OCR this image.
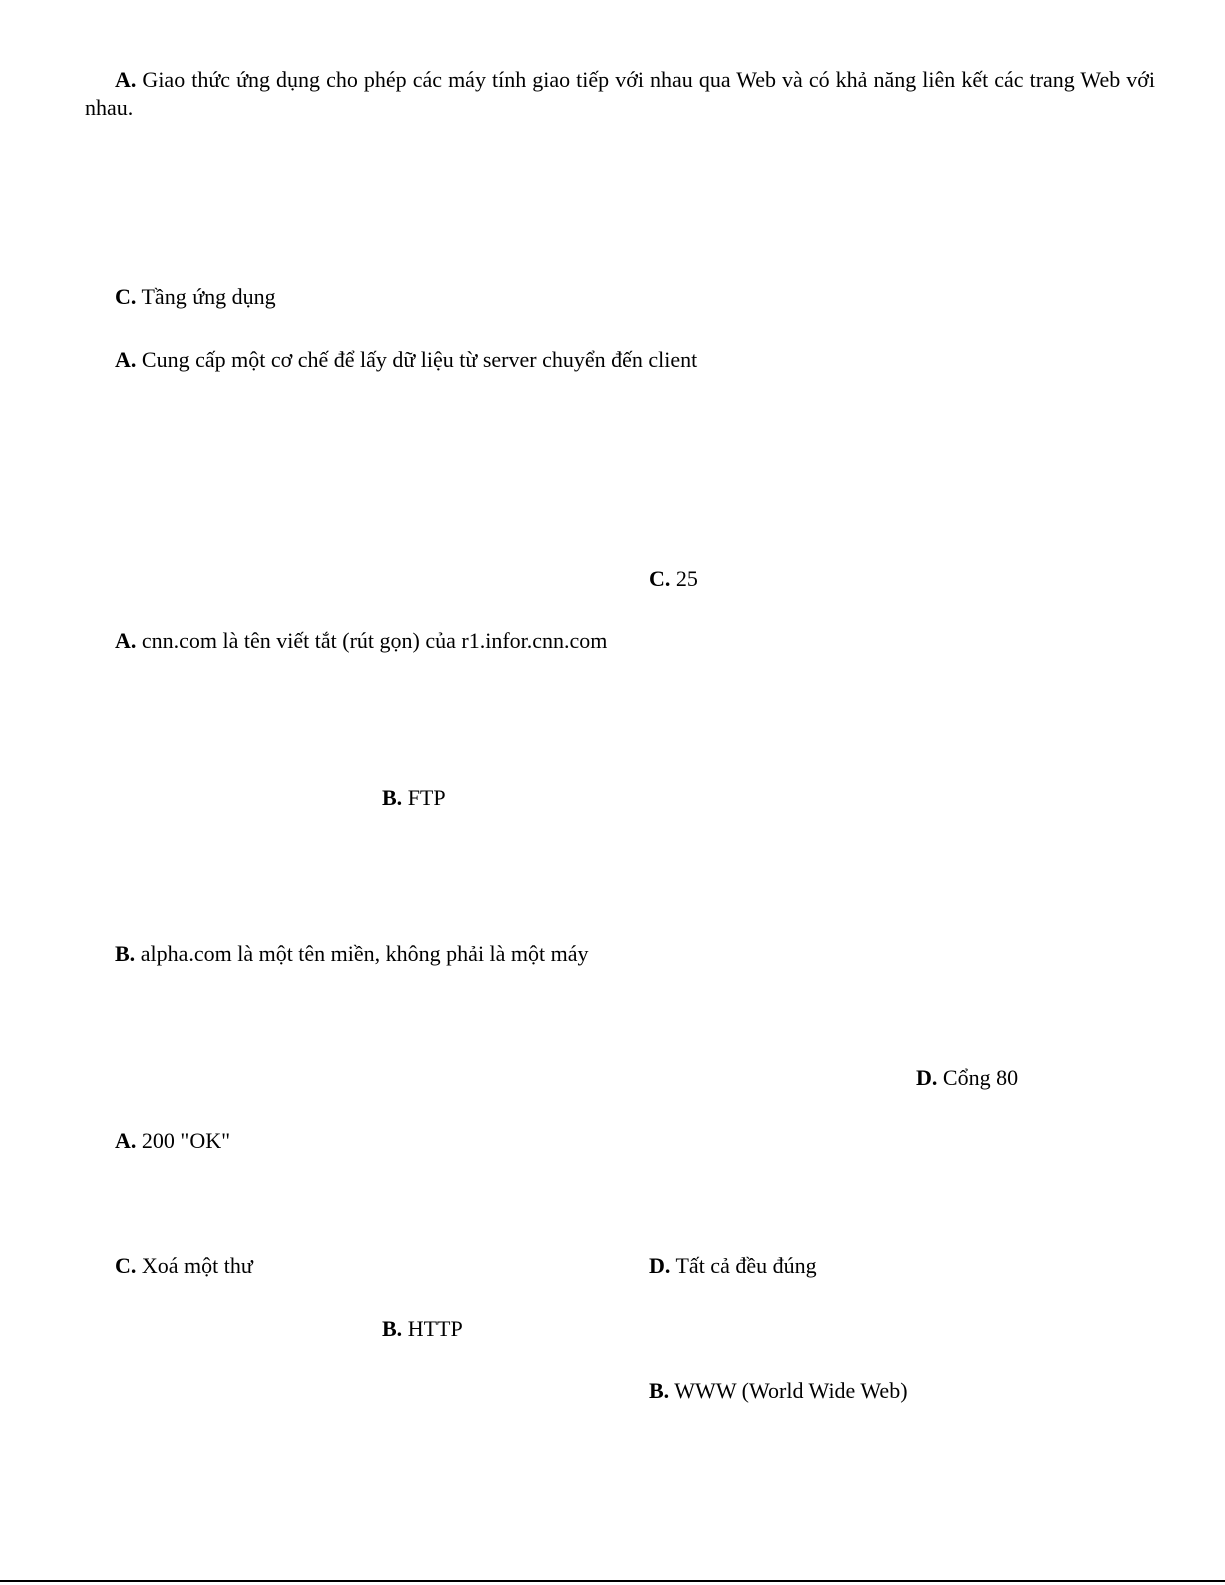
A. Giao thức ứng dụng cho phép các máy tính giao tiếp với nhau qua Web và có khả năng liên kết các trang Web với nhau.
C. Tầng ứng dụng
A. Cung cấp một cơ chế để lấy dữ liệu từ server chuyển đến client
C. 25
A. cnn.com là tên viết tắt (rút gọn) của r1.infor.cnn.com
B. FTP
B. alpha.com là một tên miền, không phải là một máy
D. Cổng 80
A. 200 "OK"
C. Xoá một thư	D. Tất cả đều đúng
B. HTTP
B. WWW (World Wide Web)
